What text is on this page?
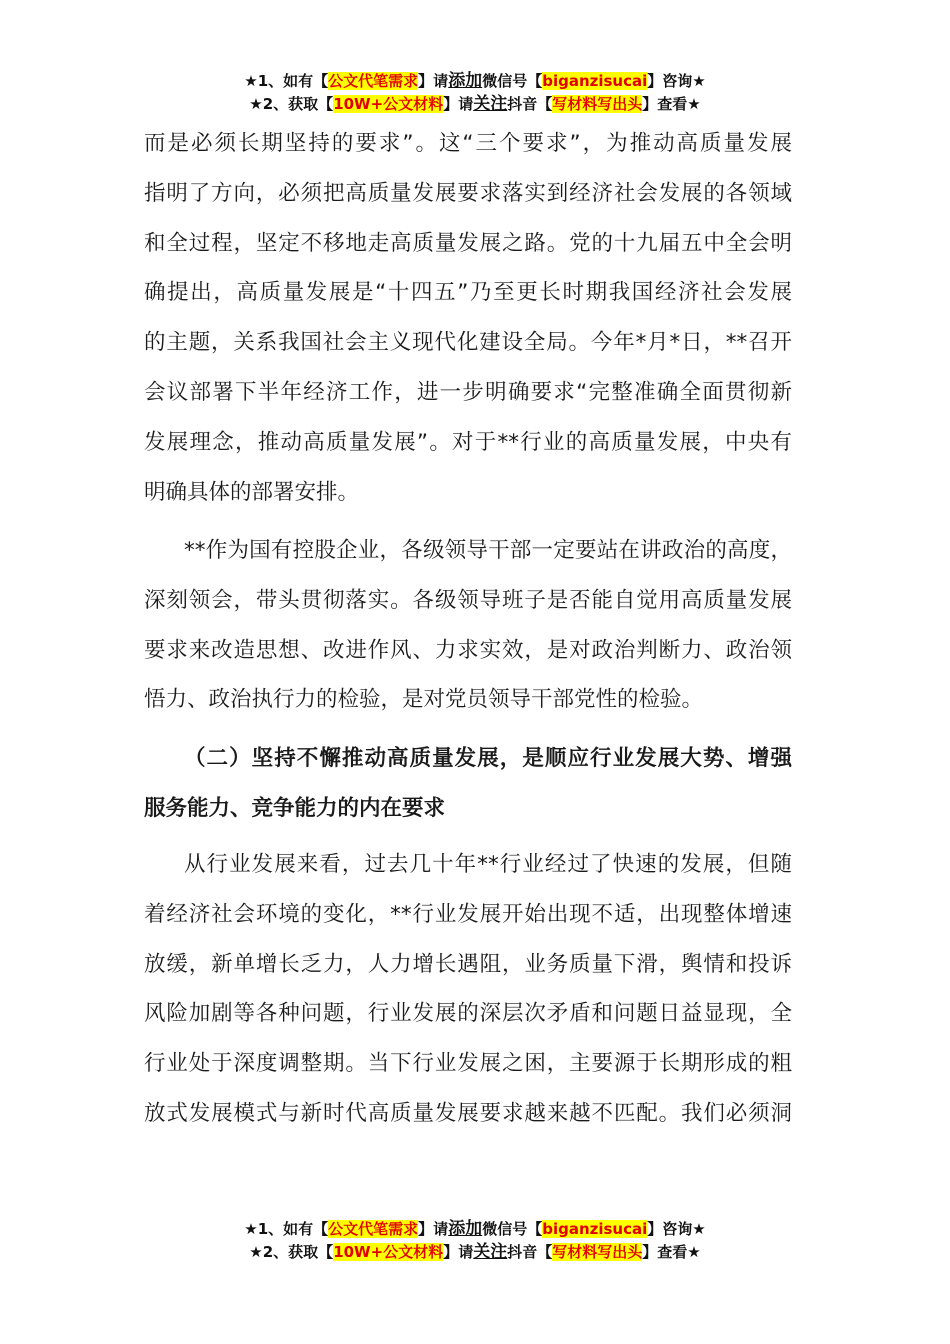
★1、如有【公文代笔需求】请添加微信号【biganzisucai】咨询★
★2、获取【10W+公文材料】请关注抖音【写材料写出头】查看★
而是必须长期坚持的要求”。这“三个要求”，为推动高质量发展
指明了方向，必须把高质量发展要求落实到经济社会发展的各领域
和全过程，坚定不移地走高质量发展之路。党的十九届五中全会明
确提出，高质量发展是“十四五”乃至更长时期我国经济社会发展
的主题，关系我国社会主义现代化建设全局。今年*月*日，**召开
会议部署下半年经济工作，进一步明确要求“完整准确全面贯彻新
发展理念，推动高质量发展”。对于**行业的高质量发展，中央有
明确具体的部署安排。
**作为国有控股企业，各级领导干部一定要站在讲政治的高度，
深刻领会，带头贯彻落实。各级领导班子是否能自觉用高质量发展
要求来改造思想、改进作风、力求实效，是对政治判断力、政治领
悟力、政治执行力的检验，是对党员领导干部党性的检验。
（二）坚持不懈推动高质量发展，是顺应行业发展大势、增强
服务能力、竞争能力的内在要求
从行业发展来看，过去几十年**行业经过了快速的发展，但随
着经济社会环境的变化，**行业发展开始出现不适，出现整体增速
放缓，新单增长乏力，人力增长遇阻，业务质量下滑，舆情和投诉
风险加剧等各种问题，行业发展的深层次矛盾和问题日益显现，全
行业处于深度调整期。当下行业发展之困，主要源于长期形成的粗
放式发展模式与新时代高质量发展要求越来越不匹配。我们必须洞
★1、如有【公文代笔需求】请添加微信号【biganzisucai】咨询★
★2、获取【10W+公文材料】请关注抖音【写材料写出头】查看★
